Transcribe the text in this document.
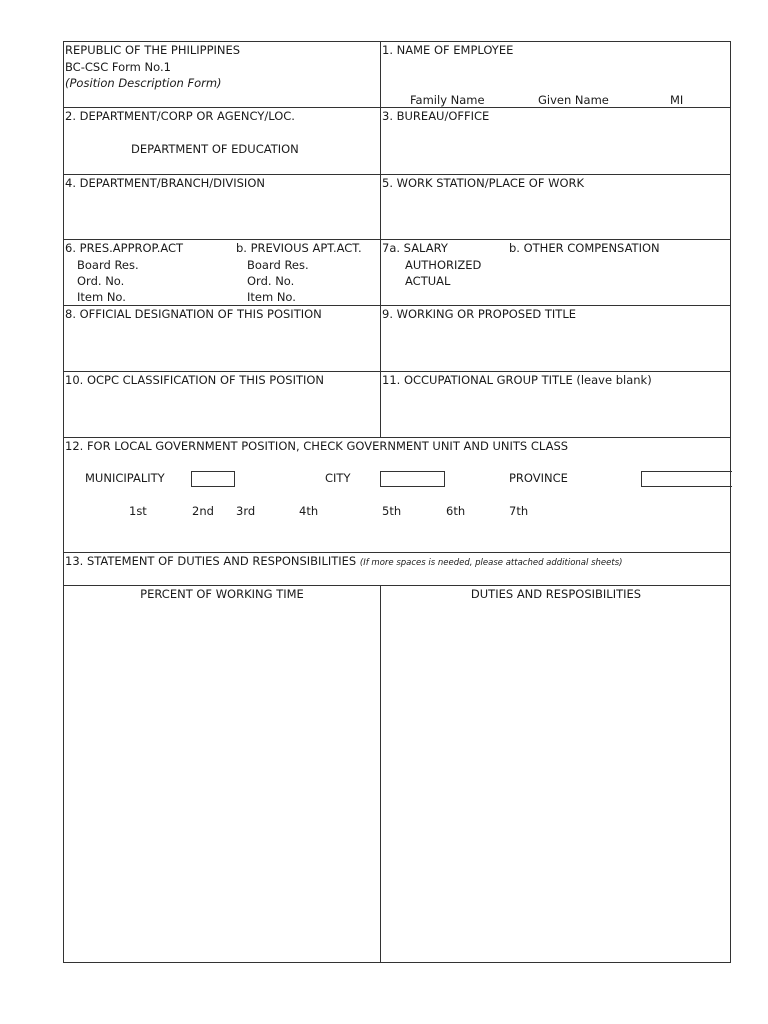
REPUBLIC OF THE PHILIPPINES
BC-CSC Form No.1
(Position Description Form)
1. NAME OF EMPLOYEE
Family Name	Given Name	MI
2. DEPARTMENT/CORP OR AGENCY/LOC.
DEPARTMENT OF EDUCATION
3. BUREAU/OFFICE
4. DEPARTMENT/BRANCH/DIVISION	5. WORK STATION/PLACE OF WORK
6. PRES.APPROP.ACT
Board Res.
Ord. No.
Item No.
b. PREVIOUS APT.ACT.
Board Res.
Ord. No.
Item No.
7a. SALARY
AUTHORIZED
ACTUAL
b. OTHER COMPENSATION
8. OFFICIAL DESIGNATION OF THIS POSITION	9. WORKING OR PROPOSED TITLE
10. OCPC CLASSIFICATION OF THIS POSITION	11. OCCUPATIONAL GROUP TITLE (leave blank)
12. FOR LOCAL GOVERNMENT POSITION, CHECK GOVERNMENT UNIT AND UNITS CLASS
MUNICIPALITY	CITY	PROVINCE
1st	2nd 3rd	4th	5th	6th	7th
13. STATEMENT OF DUTIES AND RESPONSIBILITIES (If more spaces is needed, please attached additional sheets)
PERCENT OF WORKING TIME	DUTIES AND RESPOSIBILITIES
